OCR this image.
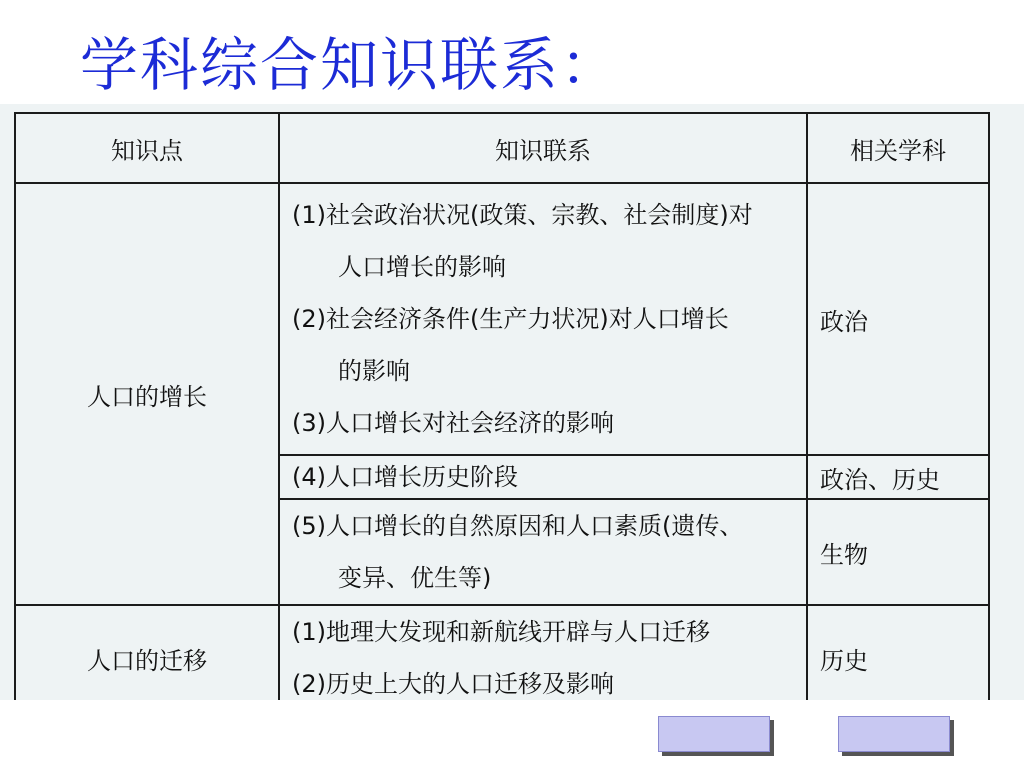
学科综合知识联系：
知识点	知识联系	相关学科
人口的增长	(1)社会政治状况(政策、宗教、社会制度)对
人口增长的影响
(2)社会经济条件(生产力状况)对人口增长
的影响
(3)人口增长对社会经济的影响	政治

	(4)人口增长历史阶段	政治、历史

	(5)人口增长的自然原因和人口素质(遗传、
变异、优生等)	生物
人口的迁移	(1)地理大发现和新航线开辟与人口迁移
(2)历史上大的人口迁移及影响	历史
